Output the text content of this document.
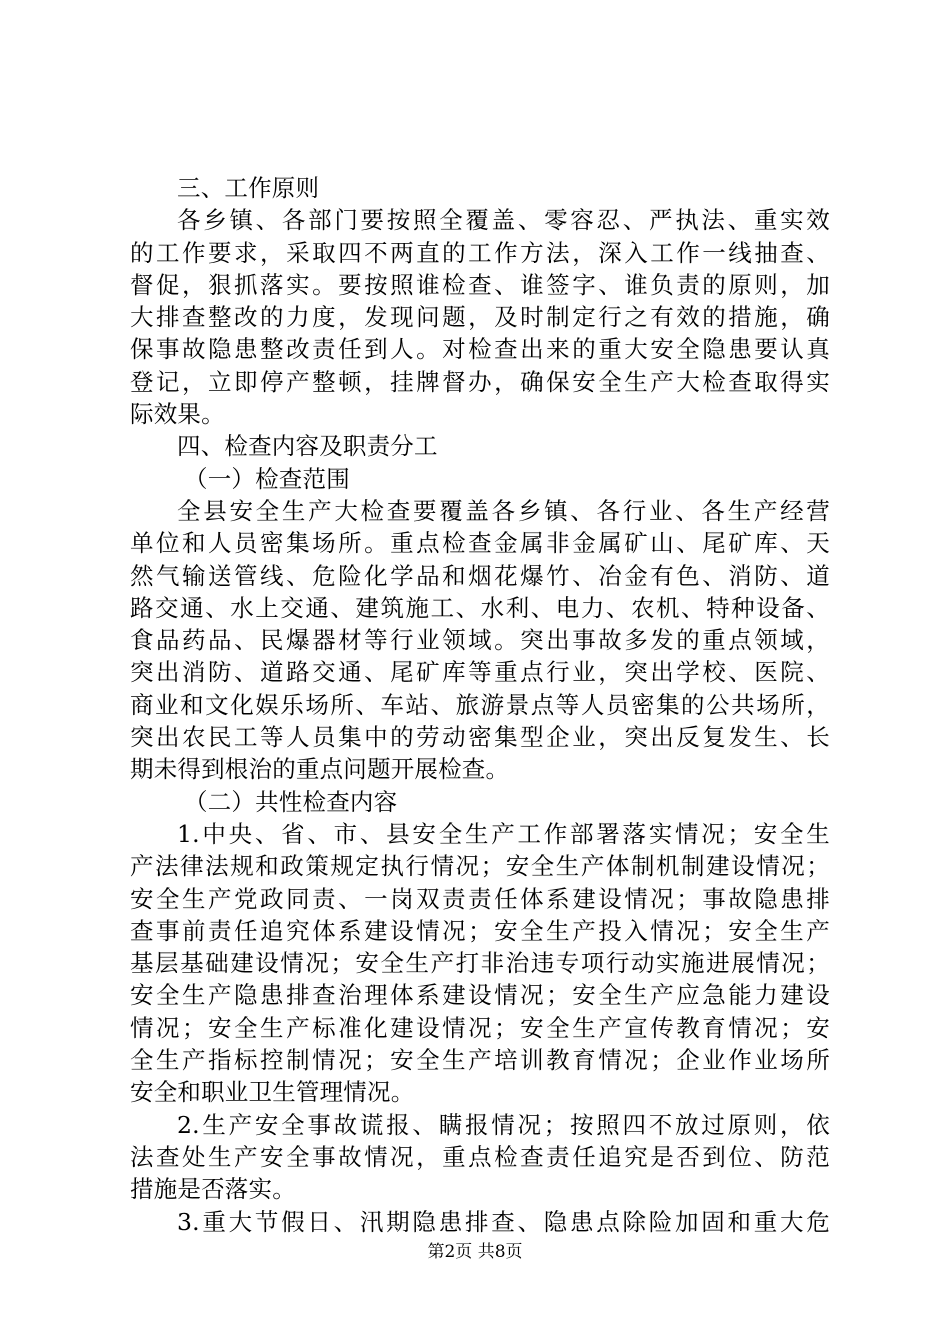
三、工作原则
各乡镇、各部门要按照全覆盖、零容忍、严执法、重实效
的工作要求，采取四不两直的工作方法，深入工作一线抽查、
督促，狠抓落实。要按照谁检查、谁签字、谁负责的原则，加
大排查整改的力度，发现问题，及时制定行之有效的措施，确
保事故隐患整改责任到人。对检查出来的重大安全隐患要认真
登记，立即停产整顿，挂牌督办，确保安全生产大检查取得实
际效果。
四、检查内容及职责分工
（一）检查范围
全县安全生产大检查要覆盖各乡镇、各行业、各生产经营
单位和人员密集场所。重点检查金属非金属矿山、尾矿库、天
然气输送管线、危险化学品和烟花爆竹、冶金有色、消防、道
路交通、水上交通、建筑施工、水利、电力、农机、特种设备、
食品药品、民爆器材等行业领域。突出事故多发的重点领域，
突出消防、道路交通、尾矿库等重点行业，突出学校、医院、
商业和文化娱乐场所、车站、旅游景点等人员密集的公共场所，
突出农民工等人员集中的劳动密集型企业，突出反复发生、长
期未得到根治的重点问题开展检查。
（二）共性检查内容
1.中央、省、市、县安全生产工作部署落实情况；安全生
产法律法规和政策规定执行情况；安全生产体制机制建设情况；
安全生产党政同责、一岗双责责任体系建设情况；事故隐患排
查事前责任追究体系建设情况；安全生产投入情况；安全生产
基层基础建设情况；安全生产打非治违专项行动实施进展情况；
安全生产隐患排查治理体系建设情况；安全生产应急能力建设
情况；安全生产标准化建设情况；安全生产宣传教育情况；安
全生产指标控制情况；安全生产培训教育情况；企业作业场所
安全和职业卫生管理情况。
2.生产安全事故谎报、瞒报情况；按照四不放过原则，依
法查处生产安全事故情况，重点检查责任追究是否到位、防范
措施是否落实。
3.重大节假日、汛期隐患排查、隐患点除险加固和重大危
第2页 共8页
